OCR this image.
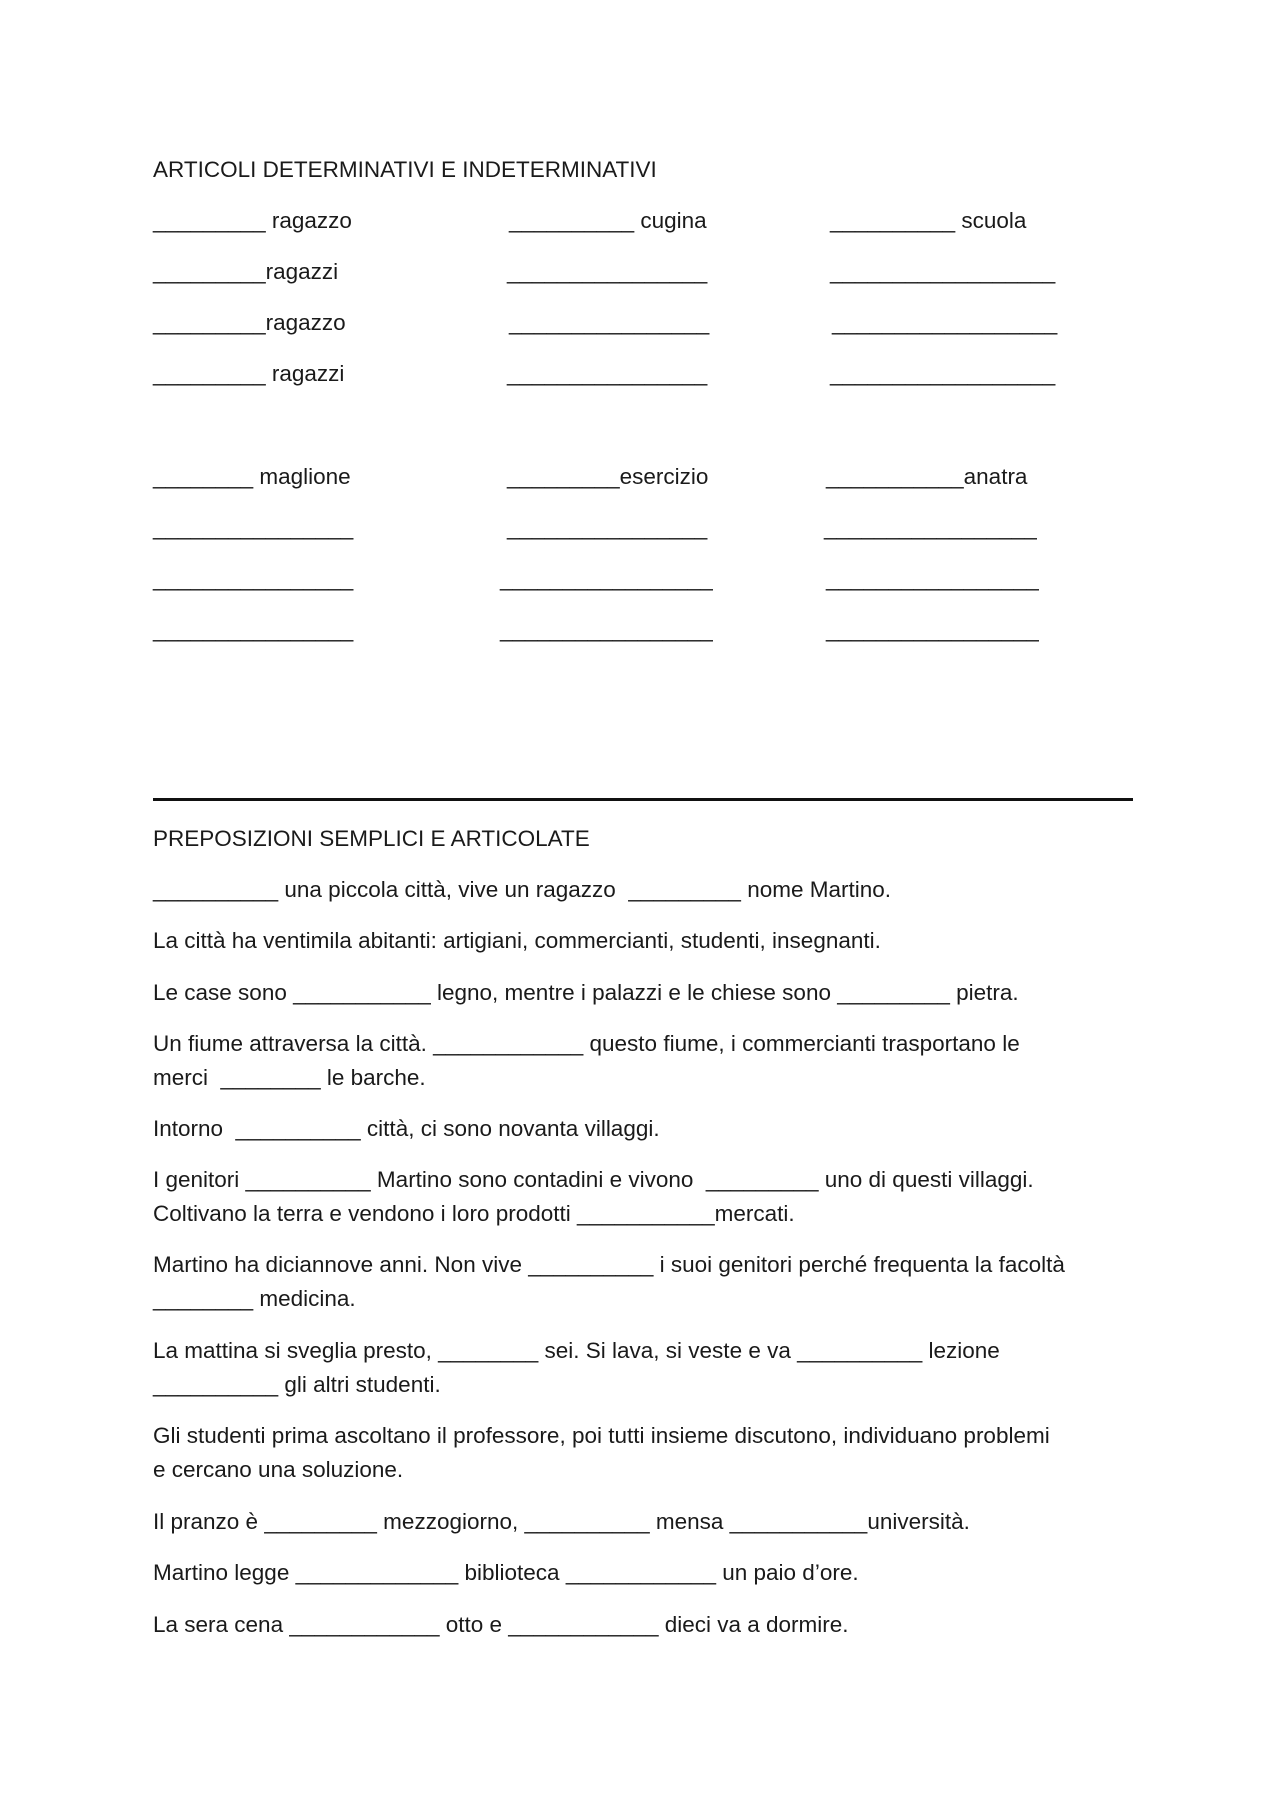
ARTICOLI DETERMINATIVI E INDETERMINATIVI
_________ ragazzo
_________ragazzi
_________ragazzo
_________ ragazzi
__________ cugina
________________
________________
________________
__________ scuola
__________________
__________________
__________________
________ maglione
________________
________________
________________
_________esercizio
________________
_________________
_________________
___________anatra
_________________
_________________
_________________
PREPOSIZIONI SEMPLICI E ARTICOLATE
__________ una piccola città, vive un ragazzo  _________ nome Martino.
La città ha ventimila abitanti: artigiani, commercianti, studenti, insegnanti.
Le case sono ___________ legno, mentre i palazzi e le chiese sono _________ pietra.
Un fiume attraversa la città. ____________ questo fiume, i commercianti trasportano le
merci  ________ le barche.
Intorno  __________ città, ci sono novanta villaggi.
I genitori __________ Martino sono contadini e vivono  _________ uno di questi villaggi.
Coltivano la terra e vendono i loro prodotti ___________mercati.
Martino ha diciannove anni. Non vive __________ i suoi genitori perché frequenta la facoltà
________ medicina.
La mattina si sveglia presto, ________ sei. Si lava, si veste e va __________ lezione
__________ gli altri studenti.
Gli studenti prima ascoltano il professore, poi tutti insieme discutono, individuano problemi
e cercano una soluzione.
Il pranzo è _________ mezzogiorno, __________ mensa ___________università.
Martino legge _____________ biblioteca ____________ un paio d’ore.
La sera cena ____________ otto e ____________ dieci va a dormire.
